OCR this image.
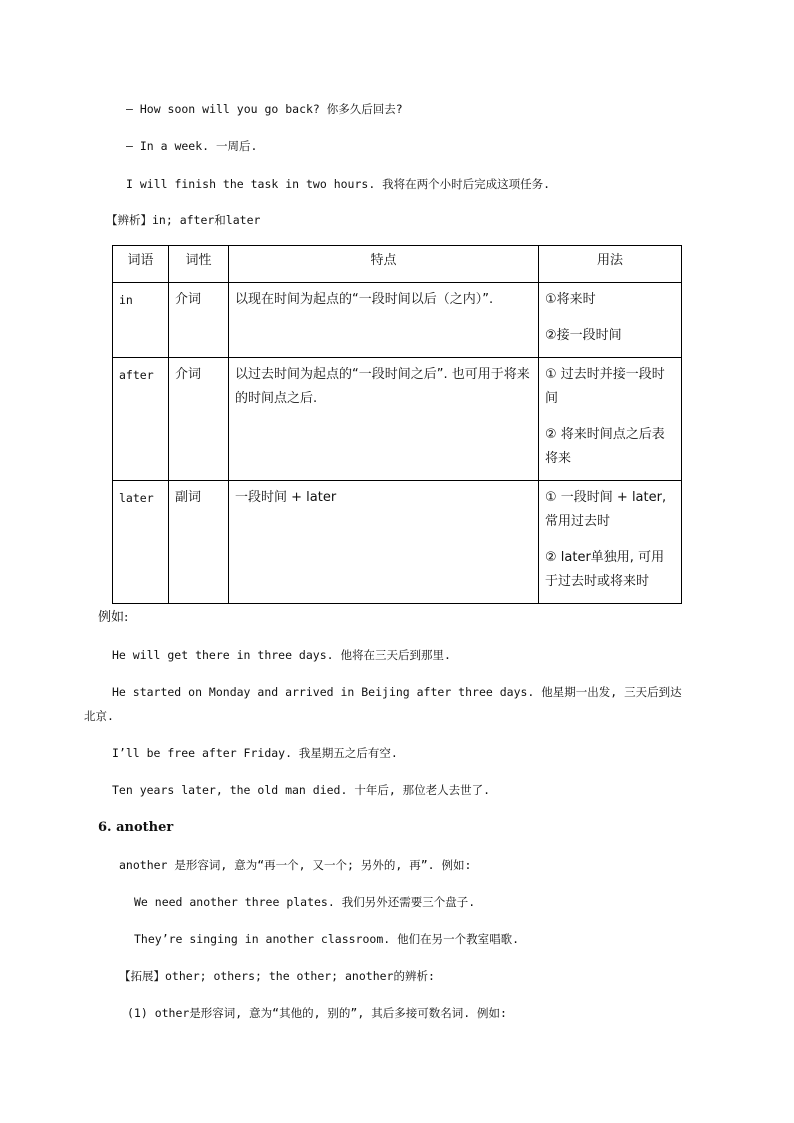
— How soon will you go back? 你多久后回去?
— In a week. 一周后.
I will finish the task in two hours. 我将在两个小时后完成这项任务.
【辨析】in; after和later
词语	词性	特点	用法
in	介词	以现在时间为起点的“一段时间以后（之内）”.	①将来时

②接一段时间

after	介词	以过去时间为起点的“一段时间之后”. 也可用于将来的时间点之后.	① 过去时并接一段时间

② 将来时间点之后表将来

later	副词	一段时间 + later	① 一段时间 + later, 常用过去时

② later单独用, 可用于过去时或将来时

例如:
He will get there in three days. 他将在三天后到那里.
He started on Monday and arrived in Beijing after three days. 他星期一出发, 三天后到达
北京.
I’ll be free after Friday. 我星期五之后有空.
Ten years later, the old man died. 十年后, 那位老人去世了.
6. another
another 是形容词, 意为“再一个, 又一个; 另外的, 再”. 例如:
We need another three plates. 我们另外还需要三个盘子.
They’re singing in another classroom. 他们在另一个教室唱歌.
【拓展】other; others; the other; another的辨析:
(1) other是形容词, 意为“其他的, 别的”, 其后多接可数名词. 例如:
